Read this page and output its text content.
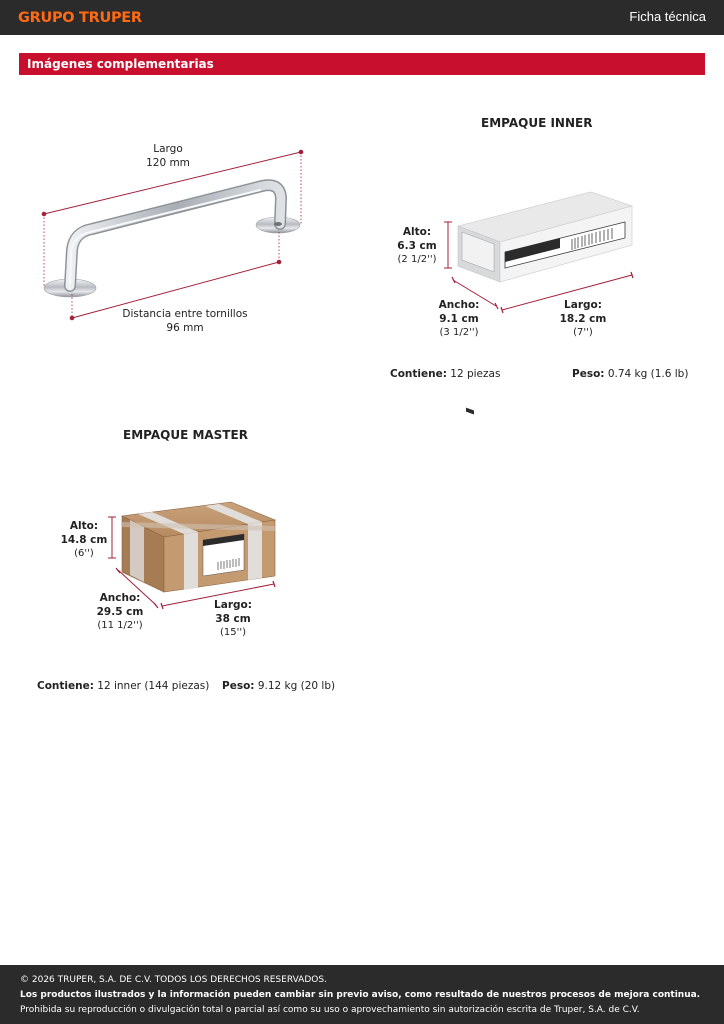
GRUPO TRUPER	Ficha técnica
Imágenes complementarias
Largo
120 mm
Distancia entre tornillos
96 mm
EMPAQUE INNER
Alto:
6.3 cm
(2 1/2'')
Ancho:
9.1 cm
(3 1/2'')
Largo:
18.2 cm
(7'')
Contiene: 12 piezas	Peso: 0.74 kg (1.6 lb)
EMPAQUE MASTER
Alto:
14.8 cm
(6'')
Ancho:
29.5 cm
(11 1/2'')
Largo:
38 cm
(15'')
Contiene: 12 inner (144 piezas) Peso: 9.12 kg (20 lb)
© 2026 TRUPER, S.A. DE C.V. TODOS LOS DERECHOS RESERVADOS.
Los productos ilustrados y la información pueden cambiar sin previo aviso, como resultado de nuestros procesos de mejora continua.
Prohibida su reproducción o divulgación total o parcial así como su uso o aprovechamiento sin autorización escrita de Truper, S.A. de C.V.
